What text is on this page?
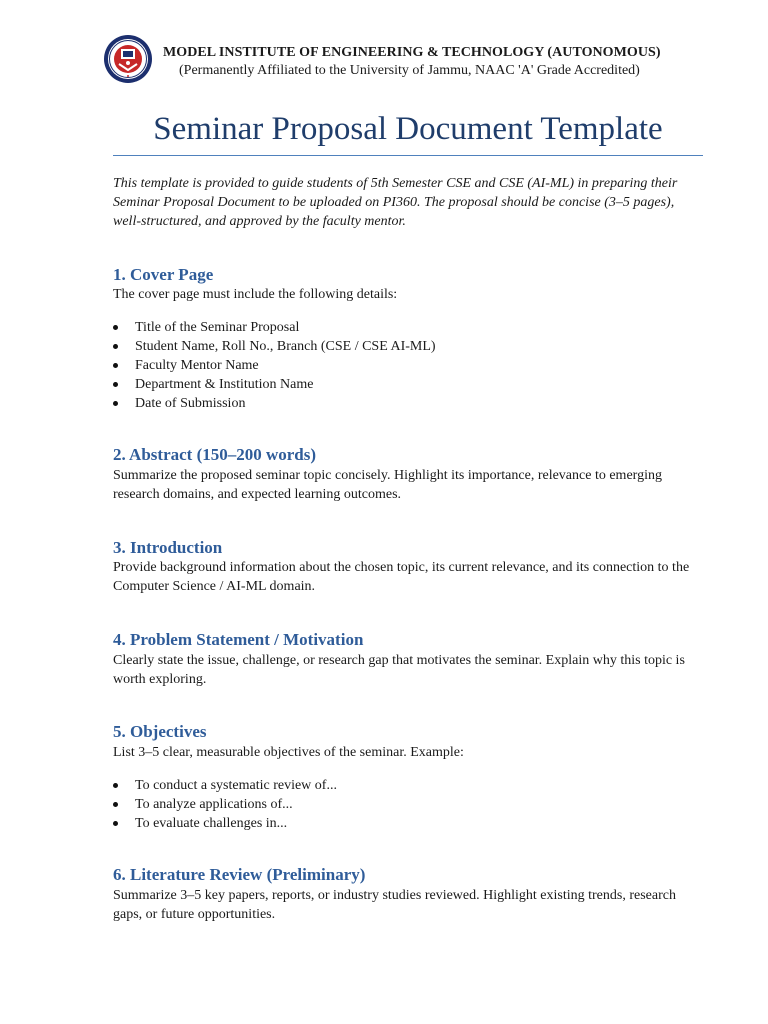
MODEL INSTITUTE OF ENGINEERING & TECHNOLOGY (AUTONOMOUS)
(Permanently Affiliated to the University of Jammu, NAAC 'A' Grade Accredited)
Seminar Proposal Document Template
This template is provided to guide students of 5th Semester CSE and CSE (AI-ML) in preparing their Seminar Proposal Document to be uploaded on PI360. The proposal should be concise (3–5 pages), well-structured, and approved by the faculty mentor.
1. Cover Page
The cover page must include the following details:
Title of the Seminar Proposal
Student Name, Roll No., Branch (CSE / CSE AI-ML)
Faculty Mentor Name
Department & Institution Name
Date of Submission
2. Abstract (150–200 words)
Summarize the proposed seminar topic concisely. Highlight its importance, relevance to emerging research domains, and expected learning outcomes.
3. Introduction
Provide background information about the chosen topic, its current relevance, and its connection to the Computer Science / AI-ML domain.
4. Problem Statement / Motivation
Clearly state the issue, challenge, or research gap that motivates the seminar. Explain why this topic is worth exploring.
5. Objectives
List 3–5 clear, measurable objectives of the seminar. Example:
To conduct a systematic review of...
To analyze applications of...
To evaluate challenges in...
6. Literature Review (Preliminary)
Summarize 3–5 key papers, reports, or industry studies reviewed. Highlight existing trends, research gaps, or future opportunities.
